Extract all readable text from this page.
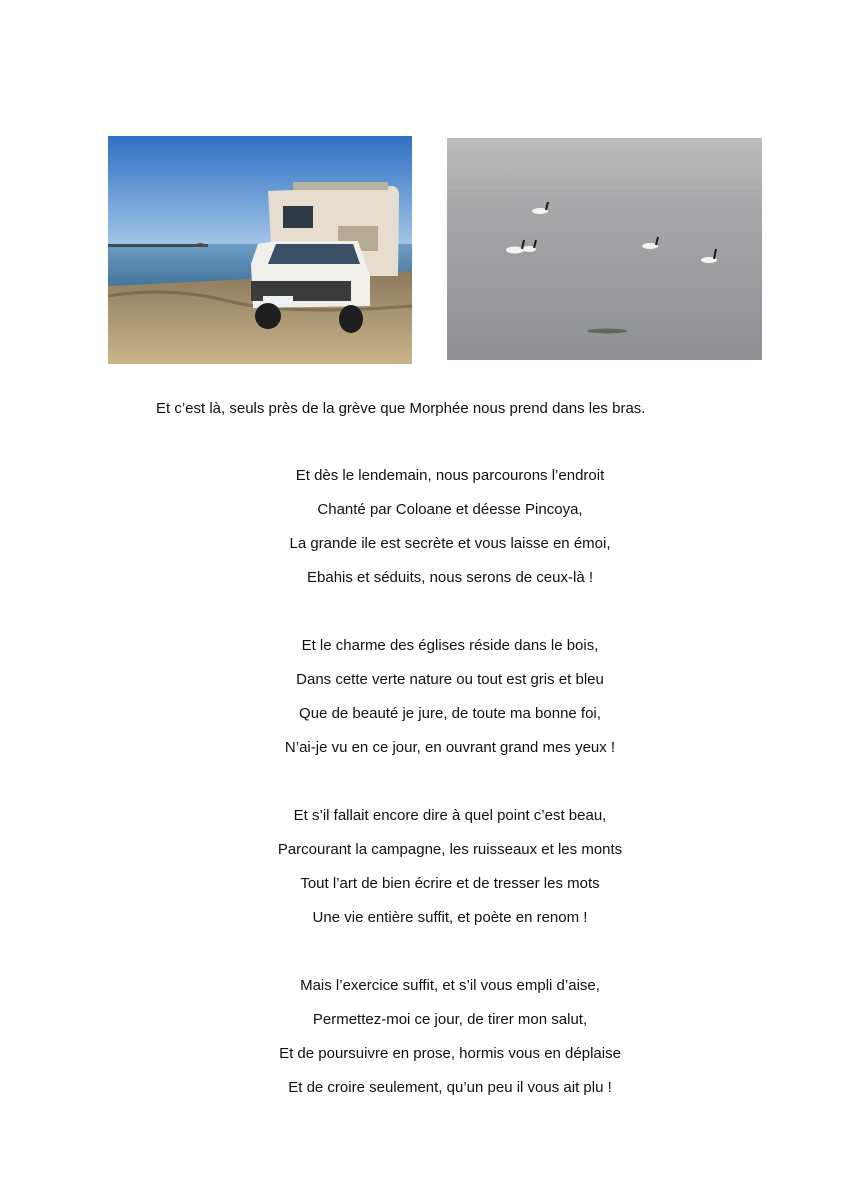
Et c’est là, seuls près de la grève que Morphée nous prend dans les bras.
Et dès le lendemain, nous parcourons l’endroit
Chanté par Coloane et déesse Pincoya,
La grande ile est secrète et vous laisse en émoi,
Ebahis et séduits, nous serons de ceux-là !
Et le charme des églises réside dans le bois,
Dans cette verte nature ou tout est gris et bleu
Que de beauté je jure, de toute ma bonne foi,
N’ai-je vu en ce jour, en ouvrant grand mes yeux !
Et s’il fallait encore dire à quel point c’est beau,
Parcourant la campagne, les ruisseaux et les monts
Tout l’art de bien écrire et de tresser les mots
Une vie entière suffit, et poète en renom !
Mais l’exercice suffit, et s’il vous empli d’aise,
Permettez-moi ce jour, de tirer mon salut,
Et de poursuivre en prose, hormis vous en déplaise
Et de croire seulement, qu’un peu il vous ait plu !
